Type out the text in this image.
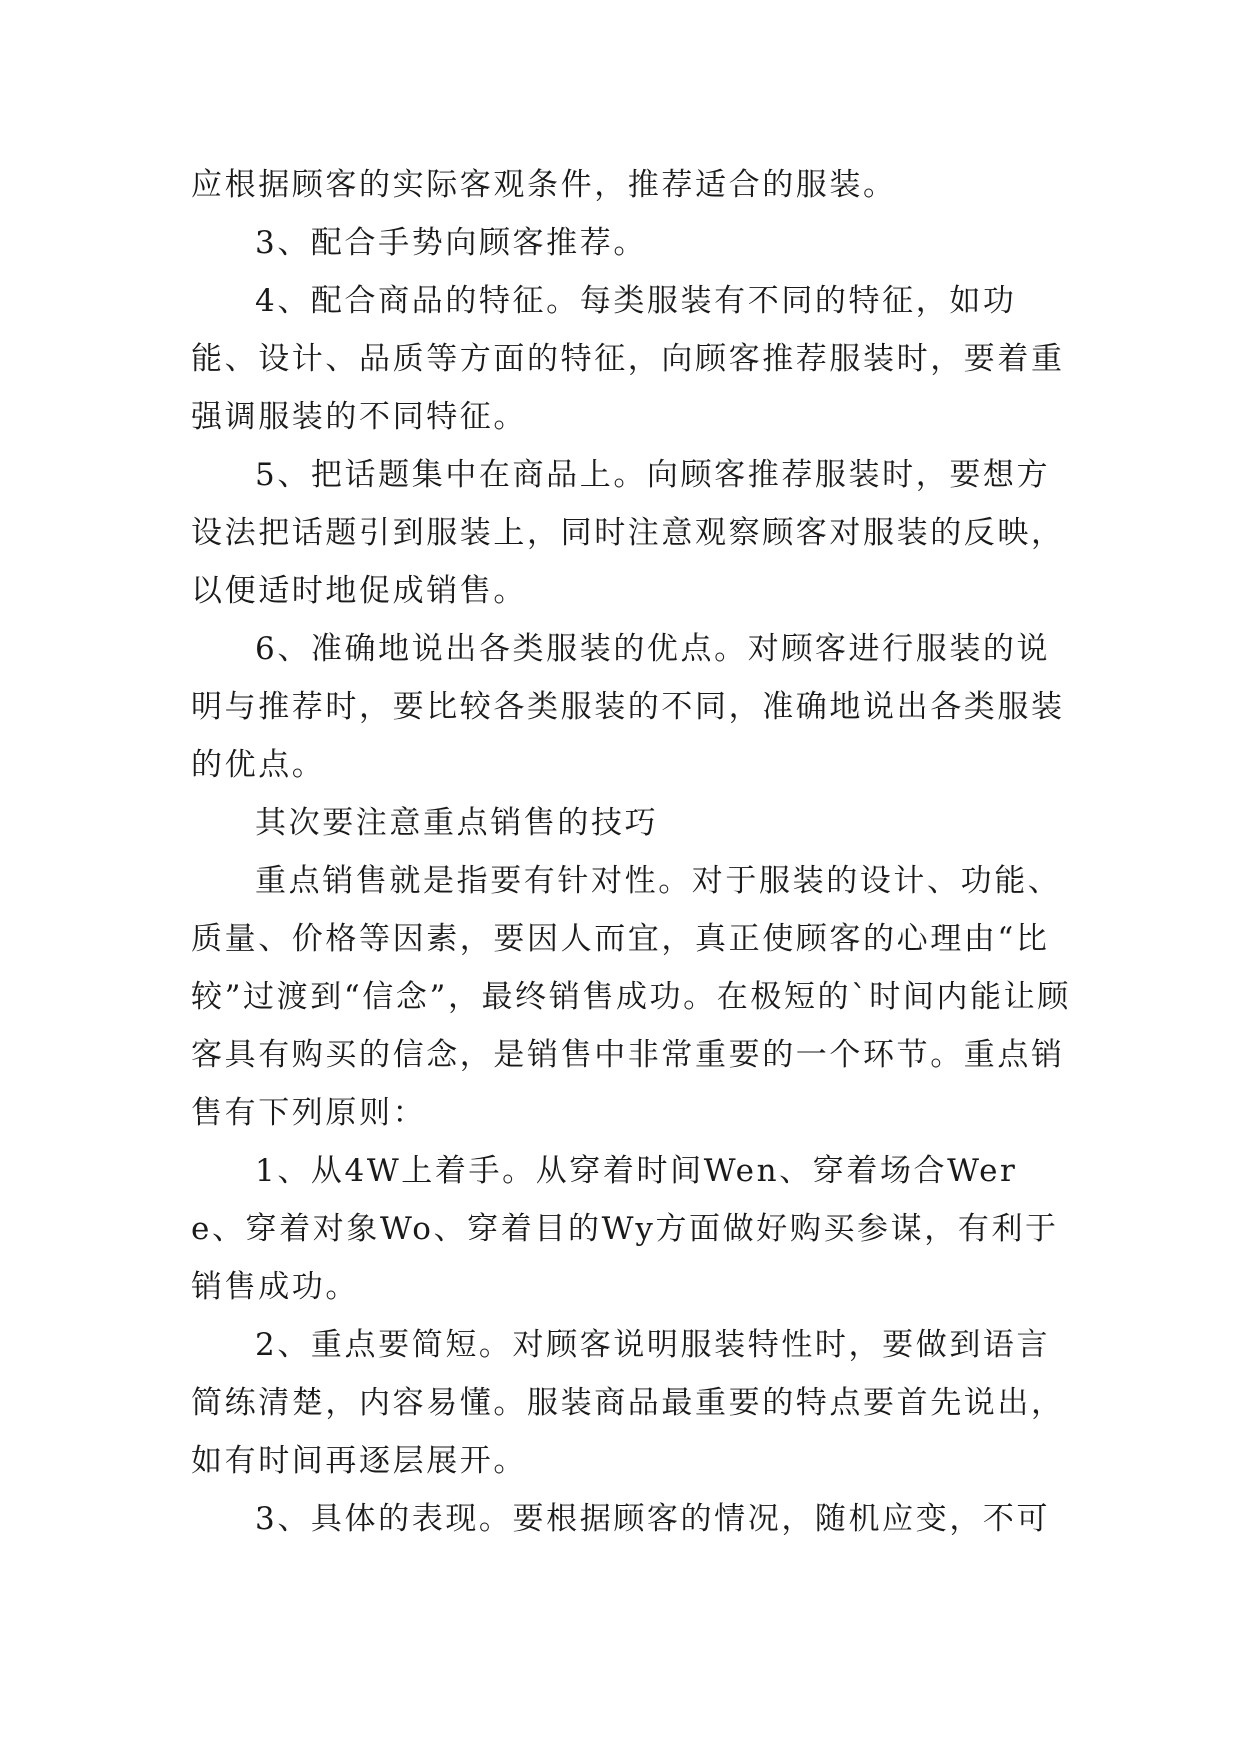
应根据顾客的实际客观条件，推荐适合的服装。

3、配合手势向顾客推荐。

4、配合商品的特征。每类服装有不同的特征，如功能、设计、品质等方面的特征，向顾客推荐服装时，要着重强调服装的不同特征。

5、把话题集中在商品上。向顾客推荐服装时，要想方设法把话题引到服装上，同时注意观察顾客对服装的反映，以便适时地促成销售。

6、准确地说出各类服装的优点。对顾客进行服装的说明与推荐时，要比较各类服装的不同，准确地说出各类服装的优点。

其次要注意重点销售的技巧

重点销售就是指要有针对性。对于服装的设计、功能、质量、价格等因素，要因人而宜，真正使顾客的心理由“比较”过渡到“信念”，最终销售成功。在极短的`时间内能让顾客具有购买的信念，是销售中非常重要的一个环节。重点销售有下列原则：

1、从4W上着手。从穿着时间Wen、穿着场合Were、穿着对象Wo、穿着目的Wy方面做好购买参谋，有利于销售成功。

2、重点要简短。对顾客说明服装特性时，要做到语言简练清楚，内容易懂。服装商品最重要的特点要首先说出，如有时间再逐层展开。

3、具体的表现。要根据顾客的情况，随机应变，不可
